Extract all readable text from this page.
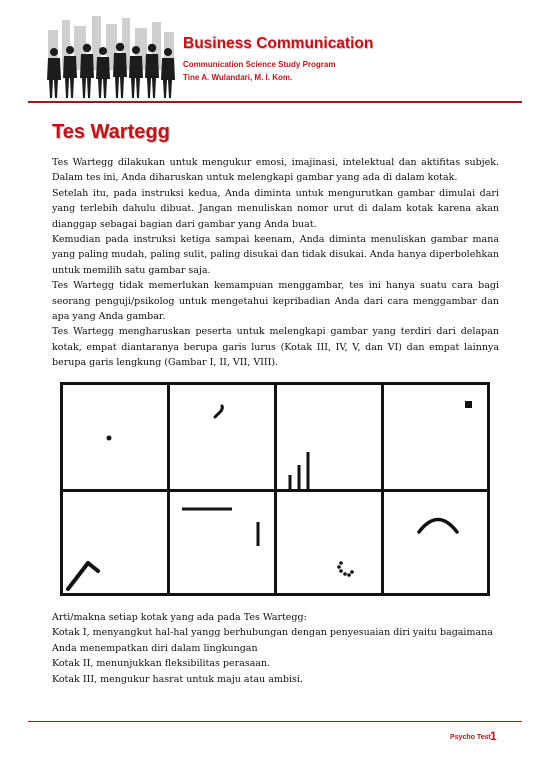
Business Communication
Communication Science Study Program
Tine A. Wulandari, M. I. Kom.
Tes Wartegg

Tes Wartegg dilakukan untuk mengukur emosi, imajinasi, intelektual dan aktifitas subjek. Dalam tes ini, Anda diharuskan untuk melengkapi gambar yang ada di dalam kotak.

Setelah itu, pada instruksi kedua, Anda diminta untuk mengurutkan gambar dimulai dari yang terlebih dahulu dibuat. Jangan menuliskan nomor urut di dalam kotak karena akan dianggap sebagai bagian dari gambar yang Anda buat.

Kemudian pada instruksi ketiga sampai keenam, Anda diminta menuliskan gambar mana yang paling mudah, paling sulit, paling disukai dan tidak disukai. Anda hanya diperbolehkan untuk memilih satu gambar saja.

Tes Wartegg tidak memerlukan kemampuan menggambar, tes ini hanya suatu cara bagi seorang penguji/psikolog untuk mengetahui kepribadian Anda dari cara menggambar dan apa yang Anda gambar.

Tes Wartegg mengharuskan peserta untuk melengkapi gambar yang terdiri dari delapan kotak, empat diantaranya berupa garis lurus (Kotak III, IV, V, dan VI) dan empat lainnya berupa garis lengkung (Gambar I, II, VII, VIII).

Arti/makna setiap kotak yang ada pada Tes Wartegg:

Kotak I, menyangkut hal-hal yangg berhubungan dengan penyesuaian diri yaitu bagaimana Anda menempatkan diri dalam lingkungan

Kotak II, menunjukkan fleksibilitas perasaan.

Kotak III, mengukur hasrat untuk maju atau ambisi.

Psycho Test 1
